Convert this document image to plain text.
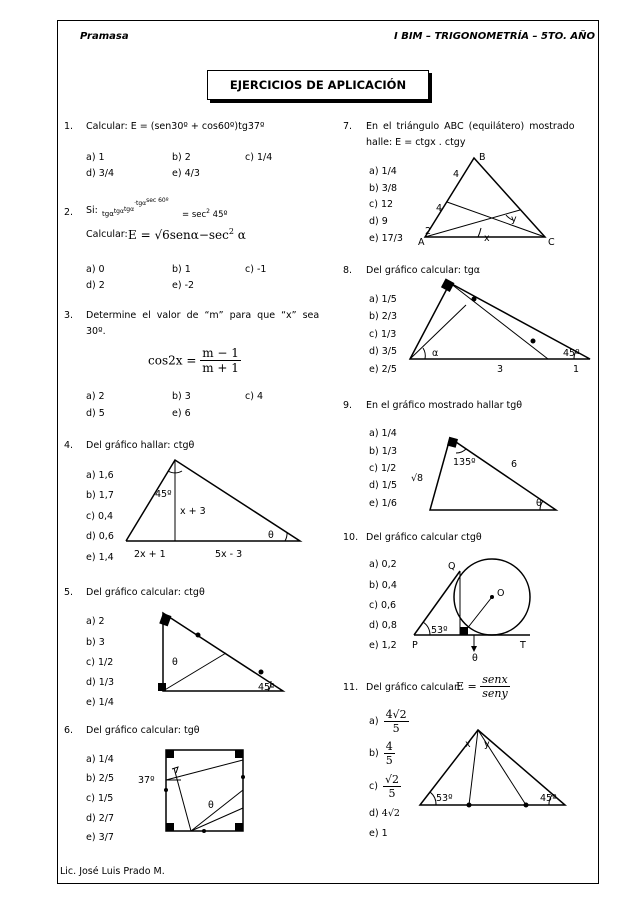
Pramasa	I BIM – TRIGONOMETRÍA – 5TO. AÑO
EJERCICIOS DE APLICACIÓN
1. Calcular: E = (sen30º + cos60º)tg37º
a) 1	b) 2	c) 1/4
d) 3/4	e) 4/3
2. Si: tgαtgαtgα·tgαsec 60º
= $\sec^2$ 45º
Calcular: $E = √6sen\alpha-\sec^2$ α
a) 0	b) 1	c) -1
d) 2	e) -2
3. Determine el valor de “m” para que “x” sea
30º.
$\cos 2x = \frac{m - 1}{m + 1}$
a) 2	b) 3	c) 4
d) 5	e) 6
4. Del gráfico hallar: ctgθ
a) 1,6
b) 1,7
c) 0,4
d) 0,6
e) 1,4
45º
x + 3
2x + 1	5x - 3
θ
5. Del gráfico calcular: ctgθ
a) 2
b) 3
c) 1/2
d) 1/3
e) 1/4
θ
45º
6. Del gráfico calcular: tgθ
a) 1/4
b) 2/5
c) 1/5
d) 2/7
e) 3/7
37º
θ
7. En el triángulo ABC (equilátero) mostrado
halle: E = ctgx . ctgy
a) 1/4
b) 3/8
c) 12
d) 9
e) 17/3
B
A	C
4
4
2
x
y
8. Del gráfico calcular: tgα
a) 1/5
b) 2/3
c) 1/3
d) 3/5
e) 2/5
α	45º
3	1
9. En el gráfico mostrado hallar tgθ
a) 1/4
b) 1/3
c) 1/2
d) 1/5
e) 1/6
135º	6
√8
θ
10. Del gráfico calcular ctgθ
a) 0,2
b) 0,4
c) 0,6
d) 0,8
e) 1,2
Q
O
53º
P	T
θ
11. Del gráfico calcular:
$E = \frac{\text{senx}}{\text{seny}}$
$a) \frac{4√2}{5}$
$b) \frac{4}{5}$
$c) \frac{√2}{5}$
d) 4√2
e) 1
x y
53º	45º
Lic. José Luis Prado M.
